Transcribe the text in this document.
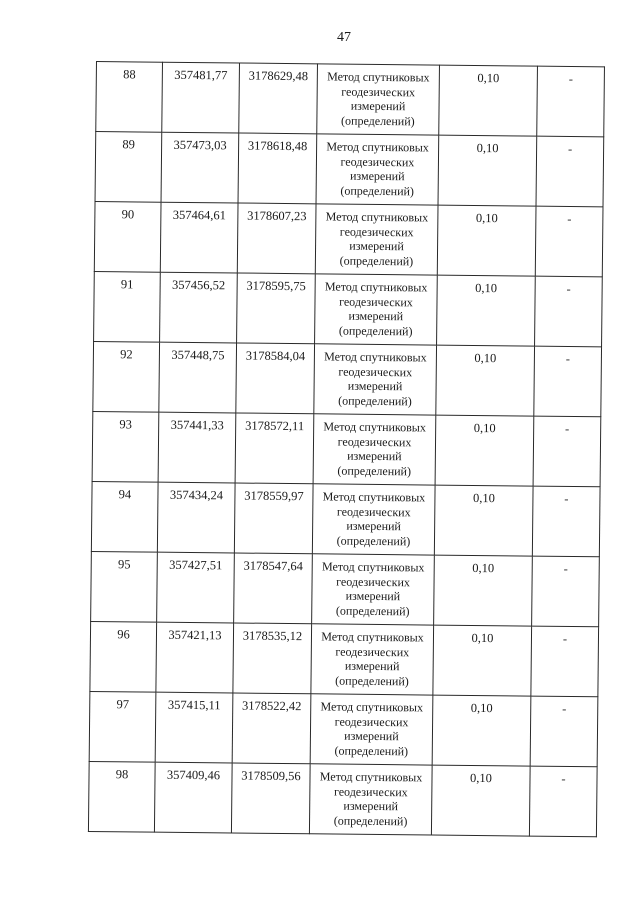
47
88	357481,77	3178629,48	Метод спутниковых геодезических измерений (определений)	0,10	-
89	357473,03	3178618,48	Метод спутниковых геодезических измерений (определений)	0,10	-
90	357464,61	3178607,23	Метод спутниковых геодезических измерений (определений)	0,10	-
91	357456,52	3178595,75	Метод спутниковых геодезических измерений (определений)	0,10	-
92	357448,75	3178584,04	Метод спутниковых геодезических измерений (определений)	0,10	-
93	357441,33	3178572,11	Метод спутниковых геодезических измерений (определений)	0,10	-
94	357434,24	3178559,97	Метод спутниковых геодезических измерений (определений)	0,10	-
95	357427,51	3178547,64	Метод спутниковых геодезических измерений (определений)	0,10	-
96	357421,13	3178535,12	Метод спутниковых геодезических измерений (определений)	0,10	-
97	357415,11	3178522,42	Метод спутниковых геодезических измерений (определений)	0,10	-
98	357409,46	3178509,56	Метод спутниковых геодезических измерений (определений)	0,10	-
